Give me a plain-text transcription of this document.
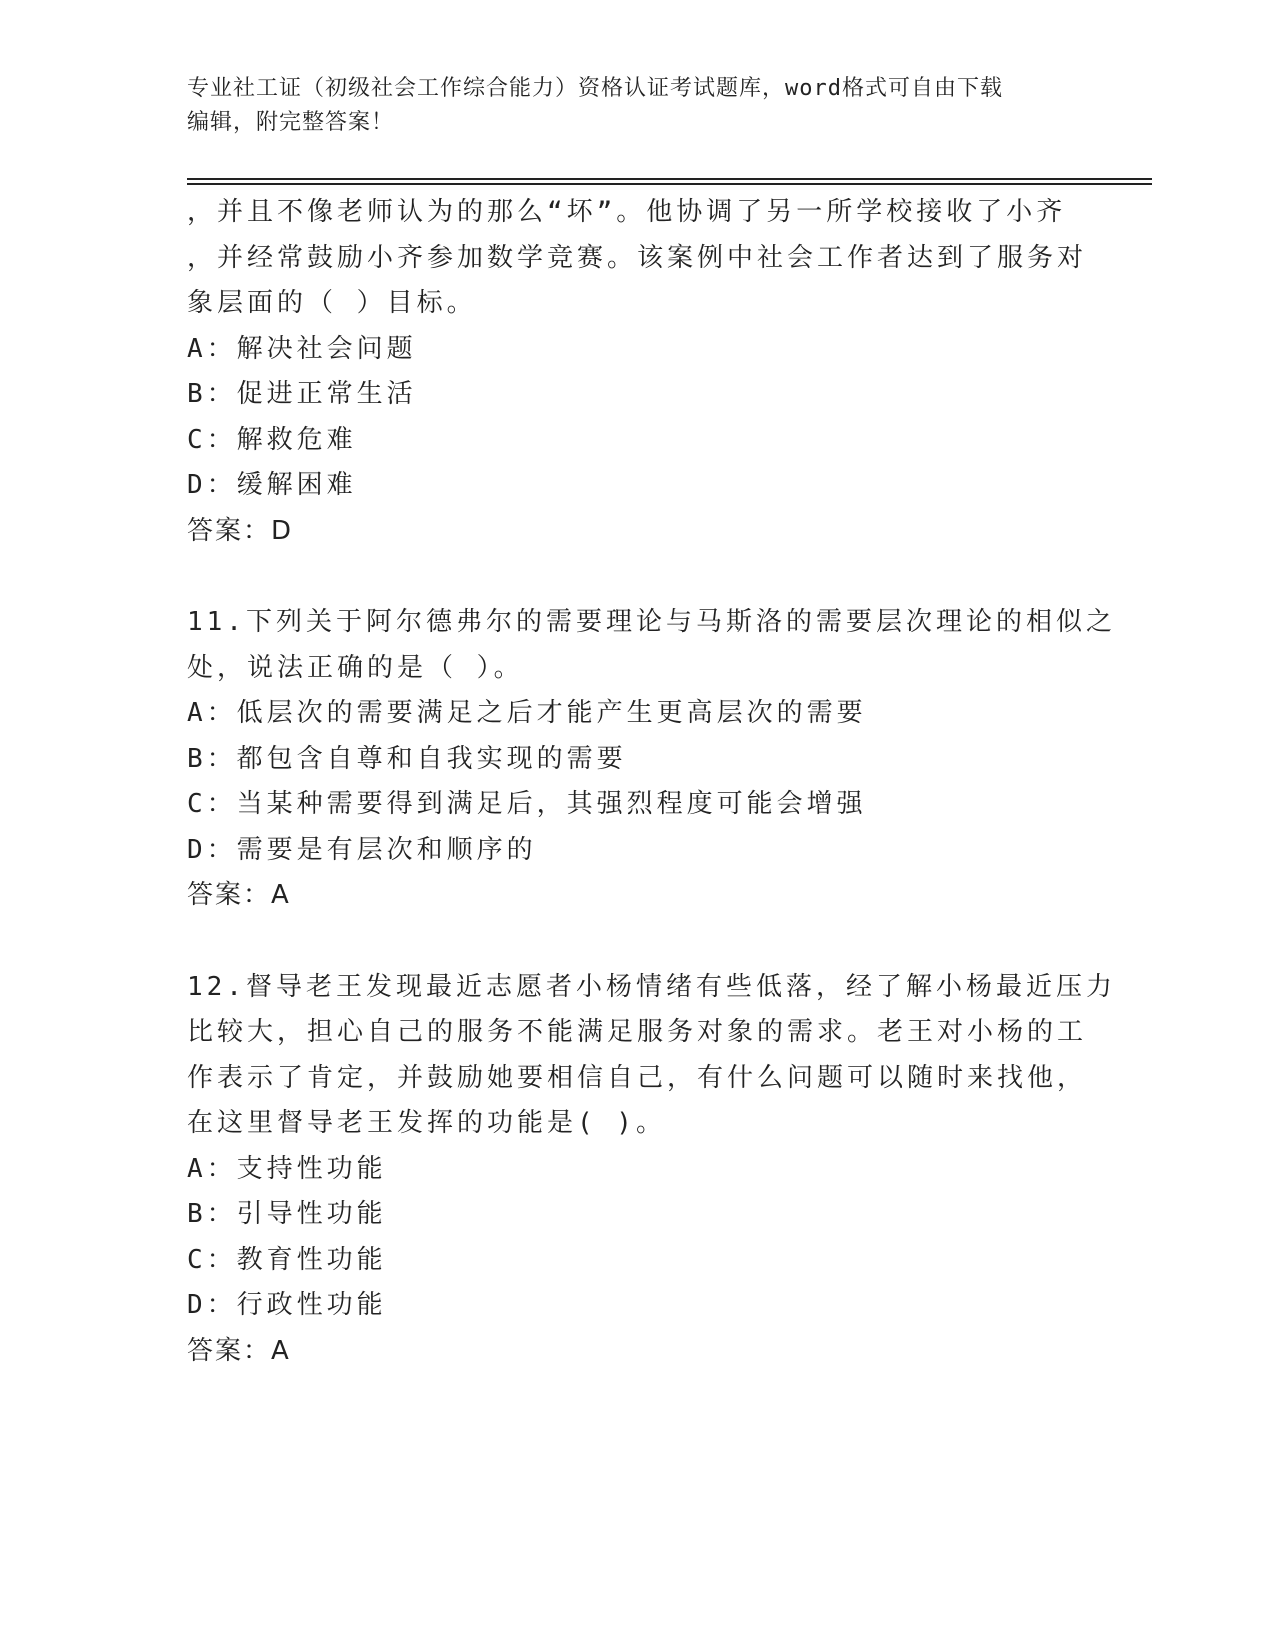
专业社工证（初级社会工作综合能力）资格认证考试题库，word格式可自由下载
编辑，附完整答案！
，并且不像老师认为的那么“坏”。他协调了另一所学校接收了小齐
，并经常鼓励小齐参加数学竞赛。该案例中社会工作者达到了服务对
象层面的（ ）目标。
A：解决社会问题
B：促进正常生活
C：解救危难
D：缓解困难
答案：D
11.下列关于阿尔德弗尔的需要理论与马斯洛的需要层次理论的相似之
处，说法正确的是（ ）。
A：低层次的需要满足之后才能产生更高层次的需要
B：都包含自尊和自我实现的需要
C：当某种需要得到满足后，其强烈程度可能会增强
D：需要是有层次和顺序的
答案：A
12.督导老王发现最近志愿者小杨情绪有些低落，经了解小杨最近压力
比较大，担心自己的服务不能满足服务对象的需求。老王对小杨的工
作表示了肯定，并鼓励她要相信自己，有什么问题可以随时来找他，
在这里督导老王发挥的功能是( )。
A：支持性功能
B：引导性功能
C：教育性功能
D：行政性功能
答案：A
